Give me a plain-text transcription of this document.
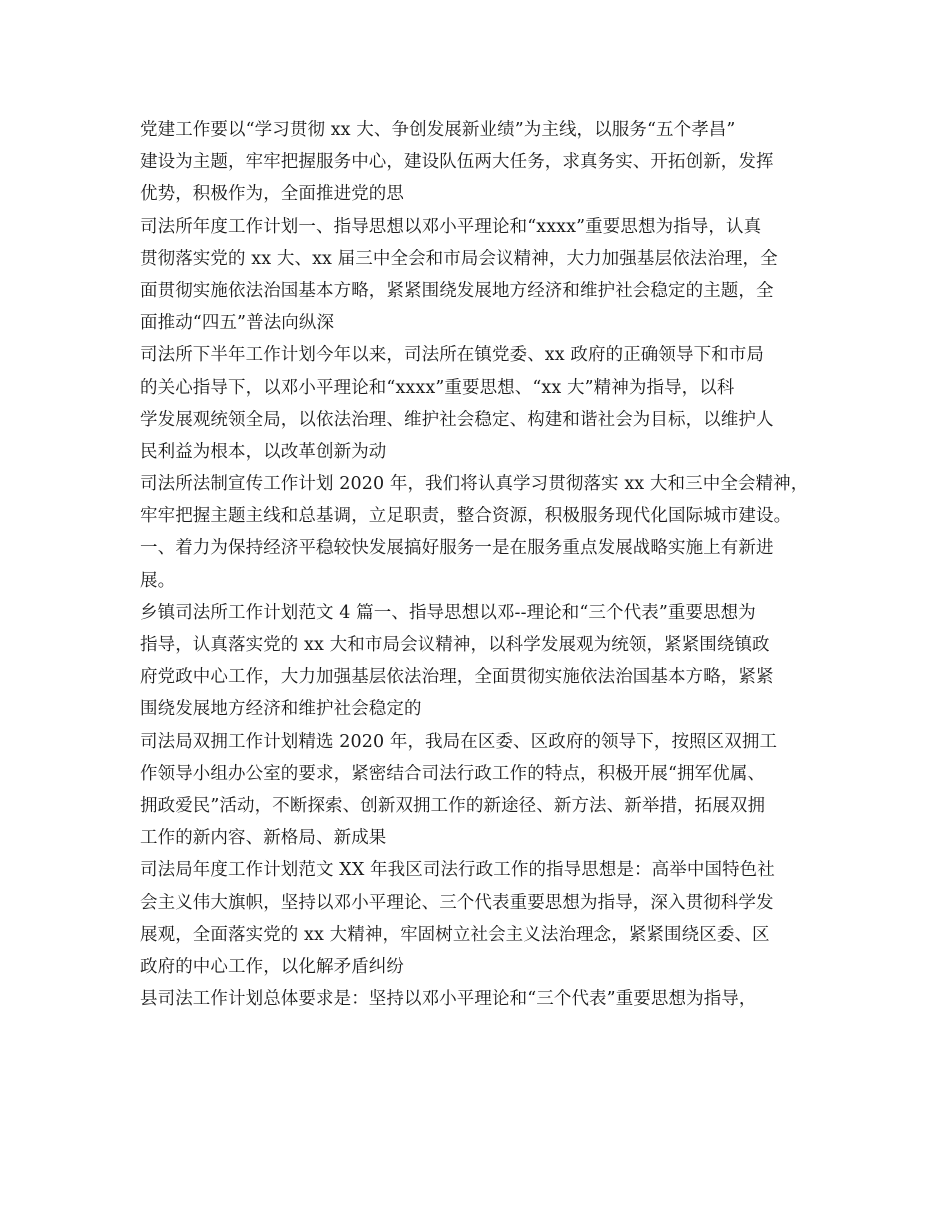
党建工作要以“学习贯彻 xx 大、争创发展新业绩”为主线，以服务“五个孝昌”
建设为主题，牢牢把握服务中心，建设队伍两大任务，求真务实、开拓创新，发挥
优势，积极作为，全面推进党的思
司法所年度工作计划一、指导思想以邓小平理论和“xxxx”重要思想为指导，认真
贯彻落实党的 xx 大、xx 届三中全会和市局会议精神，大力加强基层依法治理，全
面贯彻实施依法治国基本方略，紧紧围绕发展地方经济和维护社会稳定的主题，全
面推动“四五”普法向纵深
司法所下半年工作计划今年以来，司法所在镇党委、xx 政府的正确领导下和市局
的关心指导下，以邓小平理论和“xxxx”重要思想、“xx 大”精神为指导，以科
学发展观统领全局，以依法治理、维护社会稳定、构建和谐社会为目标，以维护人
民利益为根本，以改革创新为动
司法所法制宣传工作计划 2020 年，我们将认真学习贯彻落实 xx 大和三中全会精神，
牢牢把握主题主线和总基调，立足职责，整合资源，积极服务现代化国际城市建设。
一、着力为保持经济平稳较快发展搞好服务一是在服务重点发展战略实施上有新进
展。
乡镇司法所工作计划范文 4 篇一、指导思想以邓--理论和“三个代表”重要思想为
指导，认真落实党的 xx 大和市局会议精神，以科学发展观为统领，紧紧围绕镇政
府党政中心工作，大力加强基层依法治理，全面贯彻实施依法治国基本方略，紧紧
围绕发展地方经济和维护社会稳定的
司法局双拥工作计划精选 2020 年，我局在区委、区政府的领导下，按照区双拥工
作领导小组办公室的要求，紧密结合司法行政工作的特点，积极开展“拥军优属、
拥政爱民”活动，不断探索、创新双拥工作的新途径、新方法、新举措，拓展双拥
工作的新内容、新格局、新成果
司法局年度工作计划范文 XX 年我区司法行政工作的指导思想是：高举中国特色社
会主义伟大旗帜，坚持以邓小平理论、三个代表重要思想为指导，深入贯彻科学发
展观，全面落实党的 xx 大精神，牢固树立社会主义法治理念，紧紧围绕区委、区
政府的中心工作，以化解矛盾纠纷
县司法工作计划总体要求是：坚持以邓小平理论和“三个代表”重要思想为指导，
